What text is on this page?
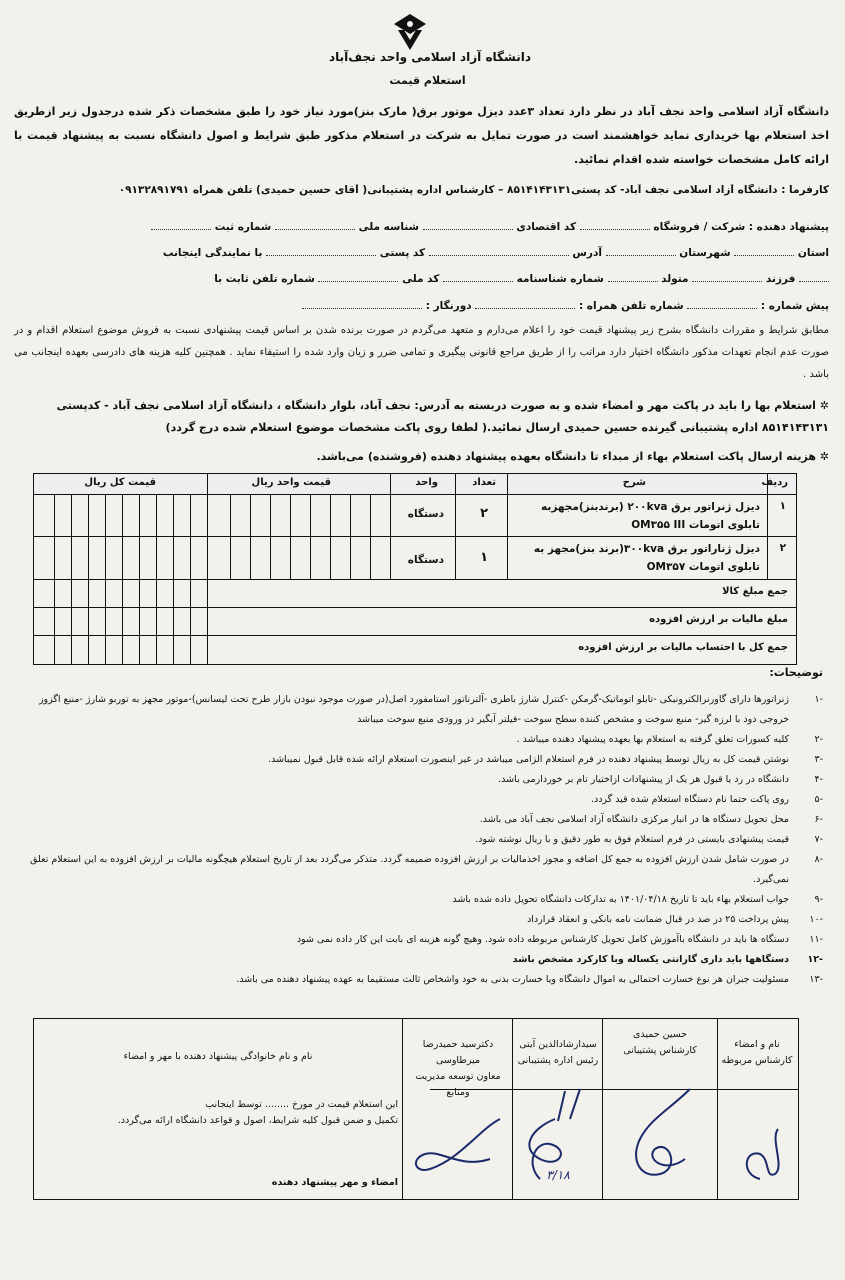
دانشگاه آزاد اسلامی واحد نجف‌آباد
استعلام قیمت
دانشگاه آزاد اسلامی واحد نجف آباد در نظر دارد تعداد ۳عدد دیزل موتور برق( مارک بنز)مورد نیاز خود را طبق مشخصات ذکر شده درجدول زیر ازطریق اخذ استعلام بها خریداری نماید خواهشمند است در صورت تمایل به شرکت در استعلام مذکور طبق شرایط و اصول دانشگاه نسبت به پیشنهاد قیمت با ارائه کامل مشخصات خواسته شده اقدام نمائید.
کارفرما : دانشگاه آزاد اسلامی نجف آباد- کد پستی۸۵۱۴۱۴۳۱۳۱ – کارشناس اداره پشتیبانی( آقای حسین حمیدی) تلفن همراه ۰۹۱۳۲۸۹۱۷۹۱
پیشنهاد دهنده : شرکت / فروشگاه  کد اقتصادی  شناسه ملی  شماره ثبت
استان  شهرستان  آدرس  کد پستی  با نمایندگی اینجانب
فرزند  متولد  شماره شناسنامه  کد ملی  شماره تلفن ثابت با
پیش شماره :  شماره تلفن همراه :  دورنگار :
مطابق شرایط و مقررات دانشگاه بشرح زیر پیشنهاد قیمت خود را اعلام می‌دارم و متعهد می‌گردم در صورت برنده شدن بر اساس قیمت پیشنهادی نسبت به فروش موضوع استعلام اقدام و در صورت عدم انجام تعهدات مذکور دانشگاه اختیار دارد مراتب را از طریق مراجع قانونی پیگیری و تمامی ضرر و زیان وارد شده را استیفاء نماید . همچنین کلیه هزینه های دادرسی بعهده اینجانب می باشد .
✲ استعلام بها را باید در پاکت مهر و امضاء شده و به صورت دربسته به آدرس: نجف آباد، بلوار دانشگاه ، دانشگاه آزاد اسلامی نجف آباد - کدپستی ۸۵۱۴۱۴۳۱۳۱ اداره پشتیبانی گیرنده حسین حمیدی ارسال نمائید.( لطفا روی پاکت مشخصات موضوع استعلام شده درج گردد)
✲ هزینه ارسال پاکت استعلام بهاء از مبداء تا دانشگاه بعهده پیشنهاد دهنده (فروشنده) می‌باشد.
ردیف
شرح
تعداد
واحد
قیمت واحد ریال
قیمت کل ریال
۱
دیزل ژنراتور برق ۲۰۰kva (برندبنز)مجهزبه
تابلوی اتومات OM۳۵۵ III
۲
دستگاه
۲
دیزل ژناراتور برق ۳۰۰kva(برند بنز)مجهز به
تابلوی اتومات OM۳۵۷
۱
دستگاه
جمع مبلغ کالا
مبلغ مالیات بر ارزش افزوده
جمع کل با احتساب مالیات بر ارزش افزوده
توضیحات:
-۱
ژنراتورها دارای گاورنرالکترونیکی -تابلو اتوماتیک-گرمکن -کنترل شارژ باطری -آلترناتور استامفورد اصل(در صورت موجود نبودن بازار طرح تحت لیسانس)-موتور مجهز به توربو شارژ -منبع اگزوز خروجی دود با لرزه گیر- منبع سوخت و مشخص کننده سطح سوخت -فیلتر آبگیر در ورودی منبع سوخت میباشد
-۲
کلیه کسورات تعلق گرفته به استعلام بها بعهده پیشنهاد دهنده میباشد .
-۳
نوشتن قیمت کل به ریال توسط پیشنهاد دهنده در فرم استعلام الزامی میباشد در غیر اینصورت استعلام ارائه شده قابل قبول نمیباشد.
-۴
دانشگاه در رد یا قبول هر یک از پیشنهادات ازاختیار تام بر خوردارمی باشد.
-۵
روی پاکت حتما نام دستگاه استعلام شده قید گردد.
-۶
محل تحویل دستگاه ها در انبار مرکزی دانشگاه آزاد اسلامی نجف آباد می باشد.
-۷
قیمت پیشنهادی بایستی در فرم استعلام فوق به طور دقیق و با ریال نوشته شود.
-۸
در صورت شامل شدن ارزش افزوده به جمع کل اضافه و مجوز اخذمالیات بر ارزش افزوده ضمیمه گردد. متذکر می‌گردد بعد از تاریخ استعلام هیچگونه مالیات بر ارزش افزوده به این استعلام تعلق نمی‌گیرد.
-۹
جواب استعلام بهاء باید تا تاریخ ۱۴۰۱/۰۴/۱۸ به تدارکات دانشگاه تحویل داده شده باشد
-۱۰
پیش پرداخت ۲۵ در صد در قبال ضمانت نامه بانکی و انعقاد قرارداد
-۱۱
دستگاه ها باید در دانشگاه باآموزش کامل تحویل کارشناس مربوطه داده شود. وهیچ گونه هزینه ای بابت این کار داده نمی شود
-۱۲
دستگاهها باید داری گارانتی یکساله وبا کارکرد مشخص باشد
-۱۳
مسئولیت جبران هر نوع خسارت احتمالی به اموال دانشگاه ویا خسارت بدنی به خود واشخاص ثالث مستقیما به عهده پیشنهاد دهنده می باشد.
نام و امضاء کارشناس مربوطه
حسین حمیدی
کارشناس پشتیبانی
سیدارشادالدین آیتی
رئیس اداره پشتیبانی
دکترسید حمیدرضا میرطاوسی
معاون توسعه مدیریت ومنابع
نام و نام خانوادگی پیشنهاد دهنده با مهر و امضاء
این استعلام قیمت در مورخ ........ توسط اینجانب
تکمیل و ضمن قبول کلیه شرایط، اصول و قواعد دانشگاه ارائه می‌گردد.
امضاء و مهر پیشنهاد دهنده
۳/۱۸
